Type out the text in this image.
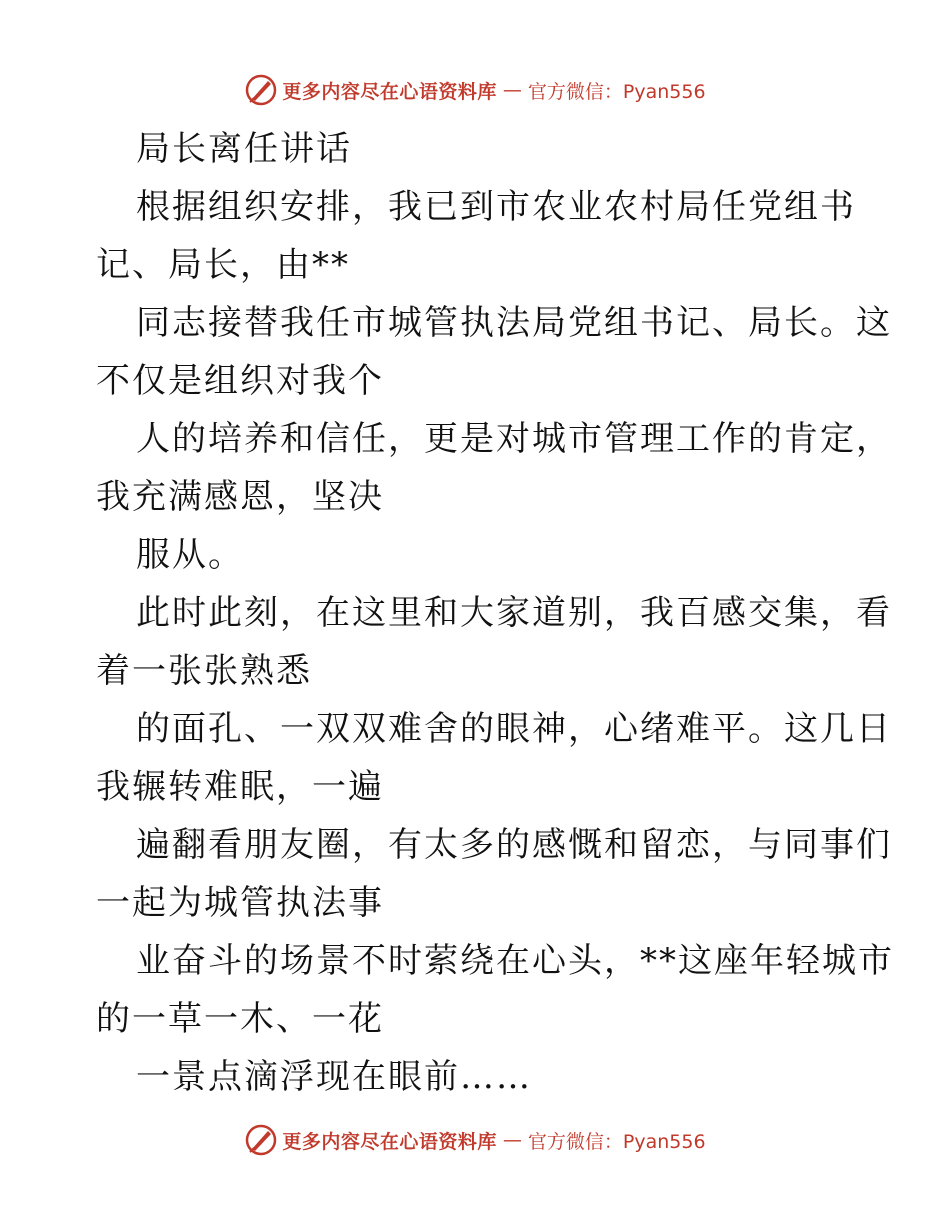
更多内容尽在心语资料库 — 官方微信：Pyan556
局长离任讲话
根据组织安排，我已到市农业农村局任党组书
记、局长，由**
同志接替我任市城管执法局党组书记、局长。这
不仅是组织对我个
人的培养和信任，更是对城市管理工作的肯定，
我充满感恩，坚决
服从。
此时此刻，在这里和大家道别，我百感交集，看
着一张张熟悉
的面孔、一双双难舍的眼神，心绪难平。这几日
我辗转难眠，一遍
遍翻看朋友圈，有太多的感慨和留恋，与同事们
一起为城管执法事
业奋斗的场景不时萦绕在心头，**这座年轻城市
的一草一木、一花
一景点滴浮现在眼前……
更多内容尽在心语资料库 — 官方微信：Pyan556
